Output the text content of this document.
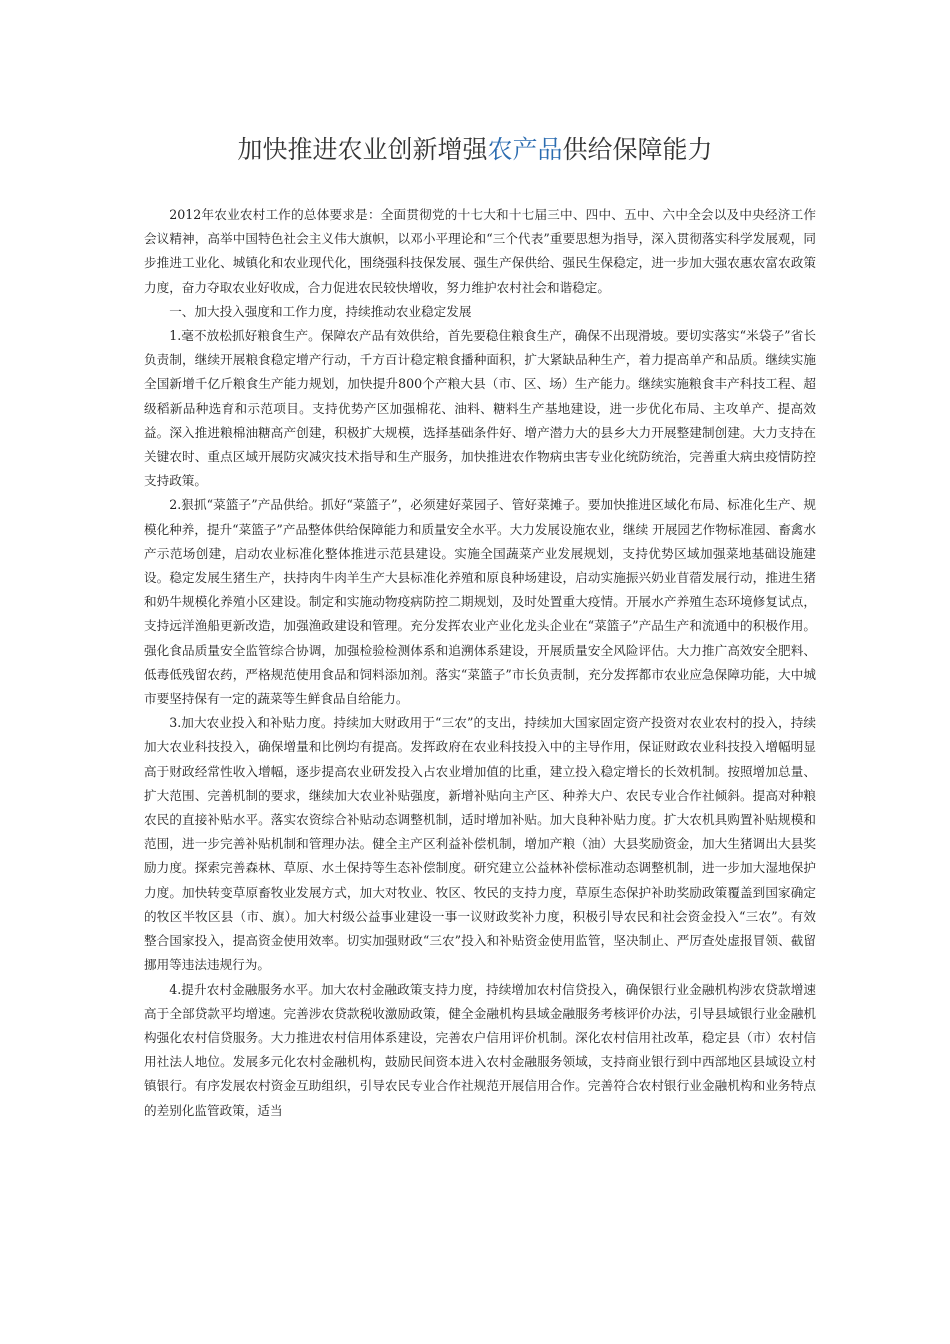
加快推进农业创新增强农产品供给保障能力

2012年农业农村工作的总体要求是：全面贯彻党的十七大和十七届三中、四中、五中、六中全会以及中央经济工作会议精神，高举中国特色社会主义伟大旗帜，以邓小平理论和“三个代表”重要思想为指导，深入贯彻落实科学发展观，同步推进工业化、城镇化和农业现代化，围绕强科技保发展、强生产保供给、强民生保稳定，进一步加大强农惠农富农政策力度，奋力夺取农业好收成，合力促进农民较快增收，努力维护农村社会和谐稳定。

一、加大投入强度和工作力度，持续推动农业稳定发展

1.毫不放松抓好粮食生产。保障农产品有效供给，首先要稳住粮食生产，确保不出现滑坡。要切实落实“米袋子”省长负责制，继续开展粮食稳定增产行动，千方百计稳定粮食播种面积，扩大紧缺品种生产，着力提高单产和品质。继续实施全国新增千亿斤粮食生产能力规划，加快提升800个产粮大县（市、区、场）生产能力。继续实施粮食丰产科技工程、超级稻新品种选育和示范项目。支持优势产区加强棉花、油料、糖料生产基地建设，进一步优化布局、主攻单产、提高效益。深入推进粮棉油糖高产创建，积极扩大规模，选择基础条件好、增产潜力大的县乡大力开展整建制创建。大力支持在关键农时、重点区域开展防灾减灾技术指导和生产服务，加快推进农作物病虫害专业化统防统治，完善重大病虫疫情防控支持政策。

2.狠抓“菜篮子”产品供给。抓好“菜篮子”，必须建好菜园子、管好菜摊子。要加快推进区域化布局、标准化生产、规模化种养，提升“菜篮子”产品整体供给保障能力和质量安全水平。大力发展设施农业，继续 开展园艺作物标准园、畜禽水产示范场创建，启动农业标准化整体推进示范县建设。实施全国蔬菜产业发展规划，支持优势区域加强菜地基础设施建设。稳定发展生猪生产，扶持肉牛肉羊生产大县标准化养殖和原良种场建设，启动实施振兴奶业苜蓿发展行动，推进生猪和奶牛规模化养殖小区建设。制定和实施动物疫病防控二期规划，及时处置重大疫情。开展水产养殖生态环境修复试点，支持远洋渔船更新改造，加强渔政建设和管理。充分发挥农业产业化龙头企业在“菜篮子”产品生产和流通中的积极作用。强化食品质量安全监管综合协调，加强检验检测体系和追溯体系建设，开展质量安全风险评估。大力推广高效安全肥料、低毒低残留农药，严格规范使用食品和饲料添加剂。落实“菜篮子”市长负责制，充分发挥都市农业应急保障功能，大中城市要坚持保有一定的蔬菜等生鲜食品自给能力。

3.加大农业投入和补贴力度。持续加大财政用于“三农”的支出，持续加大国家固定资产投资对农业农村的投入，持续加大农业科技投入，确保增量和比例均有提高。发挥政府在农业科技投入中的主导作用，保证财政农业科技投入增幅明显高于财政经常性收入增幅，逐步提高农业研发投入占农业增加值的比重，建立投入稳定增长的长效机制。按照增加总量、扩大范围、完善机制的要求，继续加大农业补贴强度，新增补贴向主产区、种养大户、农民专业合作社倾斜。提高对种粮农民的直接补贴水平。落实农资综合补贴动态调整机制，适时增加补贴。加大良种补贴力度。扩大农机具购置补贴规模和范围，进一步完善补贴机制和管理办法。健全主产区利益补偿机制，增加产粮（油）大县奖励资金，加大生猪调出大县奖励力度。探索完善森林、草原、水土保持等生态补偿制度。研究建立公益林补偿标准动态调整机制，进一步加大湿地保护力度。加快转变草原畜牧业发展方式，加大对牧业、牧区、牧民的支持力度，草原生态保护补助奖励政策覆盖到国家确定的牧区半牧区县（市、旗）。加大村级公益事业建设一事一议财政奖补力度，积极引导农民和社会资金投入“三农”。有效整合国家投入，提高资金使用效率。切实加强财政“三农”投入和补贴资金使用监管，坚决制止、严厉查处虚报冒领、截留挪用等违法违规行为。

4.提升农村金融服务水平。加大农村金融政策支持力度，持续增加农村信贷投入，确保银行业金融机构涉农贷款增速高于全部贷款平均增速。完善涉农贷款税收激励政策，健全金融机构县域金融服务考核评价办法，引导县域银行业金融机构强化农村信贷服务。大力推进农村信用体系建设，完善农户信用评价机制。深化农村信用社改革，稳定县（市）农村信用社法人地位。发展多元化农村金融机构，鼓励民间资本进入农村金融服务领域，支持商业银行到中西部地区县域设立村镇银行。有序发展农村资金互助组织，引导农民专业合作社规范开展信用合作。完善符合农村银行业金融机构和业务特点的差别化监管政策，适当
